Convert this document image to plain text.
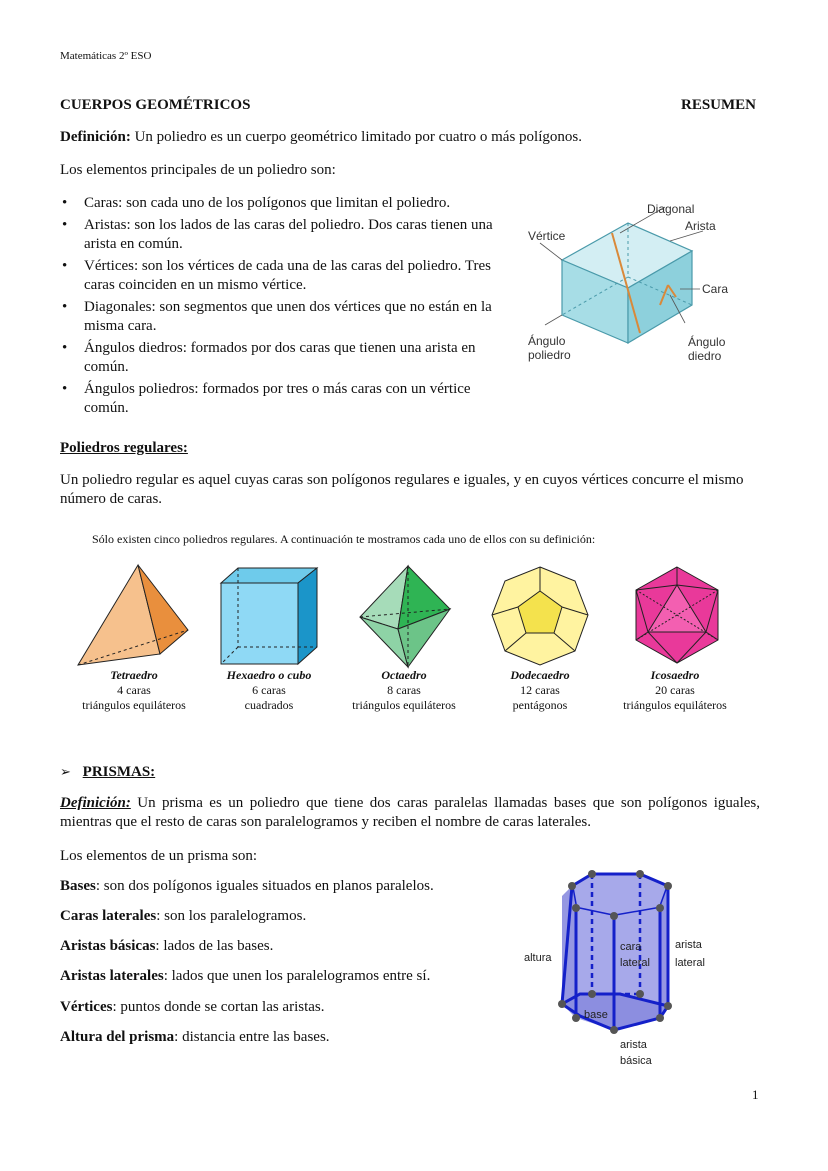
Matemáticas 2º ESO
CUERPOS GEOMÉTRICOS	RESUMEN
Definición: Un poliedro es un cuerpo geométrico limitado por cuatro o más polígonos.
Los elementos principales de un poliedro son:
• Caras: son cada uno de los polígonos que limitan el poliedro.
• Aristas: son los lados de las caras del poliedro. Dos caras tienen una arista en común.
• Vértices: son los vértices de cada una de las caras del poliedro. Tres caras coinciden en un mismo vértice.
• Diagonales: son segmentos que unen dos vértices que no están en la misma cara.
• Ángulos diedros: formados por dos caras que tienen una arista en común.
• Ángulos poliedros: formados por tres o más caras con un vértice común.
Diagonal
Arista
Vértice
Cara
Ángulo
poliedro
Ángulo
diedro
Poliedros regulares:
Un poliedro regular es aquel cuyas caras son polígonos regulares e iguales, y en cuyos vértices concurre el mismo número de caras.
Sólo existen cinco poliedros regulares. A continuación te mostramos cada uno de ellos con su definición:
Tetraedro
4 caras
triángulos equiláteros
Hexaedro o cubo
6 caras
cuadrados
Octaedro
8 caras
triángulos equiláteros
Dodecaedro
12 caras
pentágonos
Icosaedro
20 caras
triángulos equiláteros
➢ PRISMAS:
Definición: Un prisma es un poliedro que tiene dos caras paralelas llamadas bases que son polígonos iguales, mientras que el resto de caras son paralelogramos y reciben el nombre de caras laterales.
Los elementos de un prisma son:
Bases: son dos polígonos iguales situados en planos paralelos.
Caras laterales: son los paralelogramos.
Aristas básicas: lados de las bases.
Aristas laterales: lados que unen los paralelogramos entre sí.
Vértices: puntos donde se cortan las aristas.
Altura del prisma: distancia entre las bases.
altura
cara
lateral
arista
lateral
base
arista
básica
1
